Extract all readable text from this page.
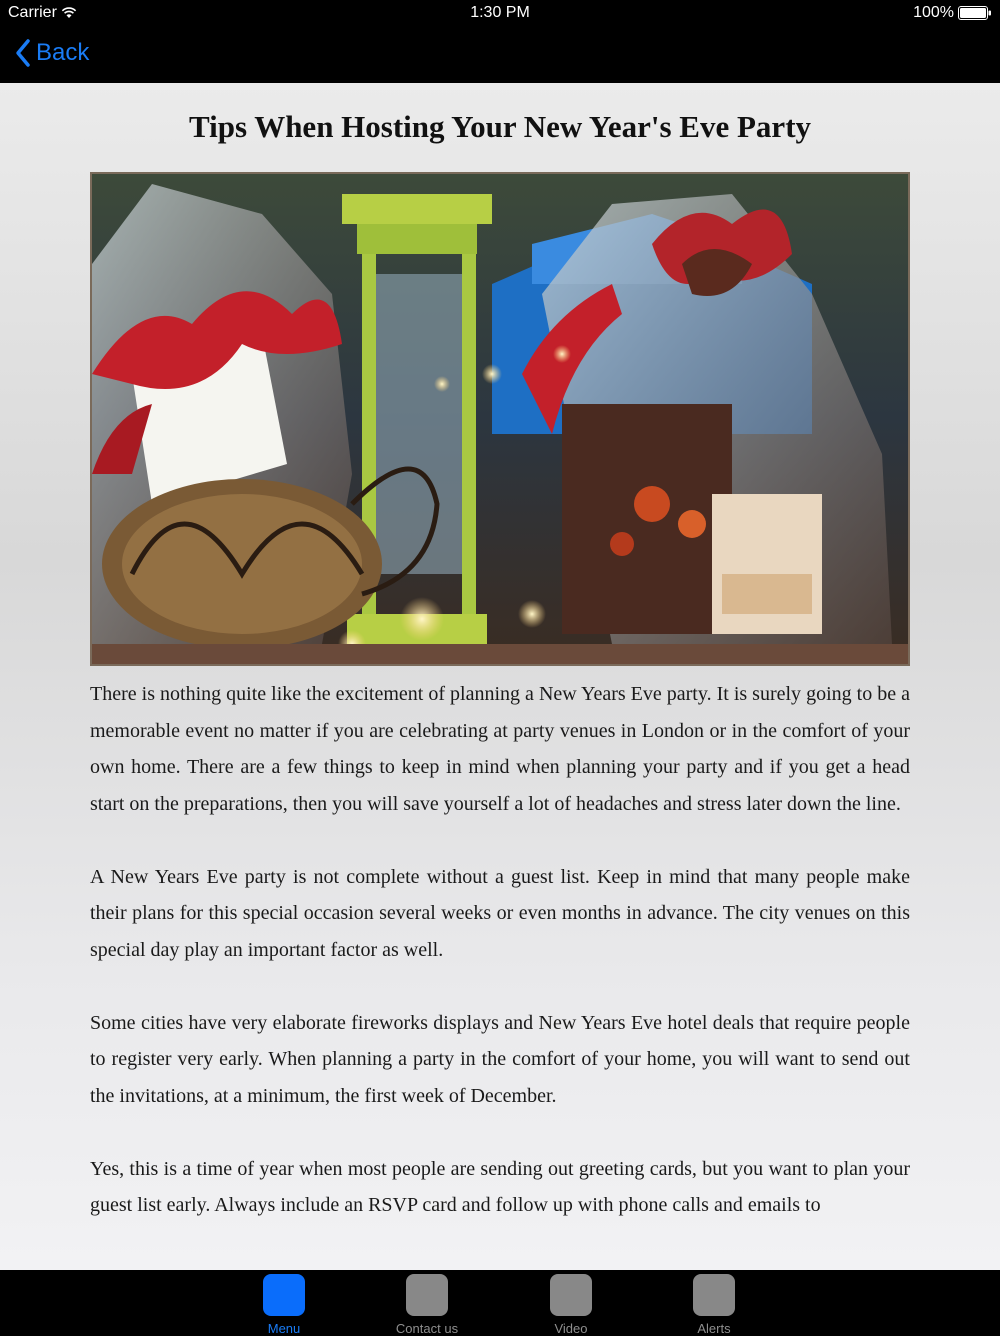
Carrier	1:30 PM	100%
Back
Tips When Hosting Your New Year's Eve Party

There is nothing quite like the excitement of planning a New Years Eve party. It is surely going to be a memorable event no matter if you are celebrating at party venues in London or in the comfort of your own home. There are a few things to keep in mind when planning your party and if you get a head start on the preparations, then you will save yourself a lot of headaches and stress later down the line.

A New Years Eve party is not complete without a guest list. Keep in mind that many people make their plans for this special occasion several weeks or even months in advance. The city venues on this special day play an important factor as well.

Some cities have very elaborate fireworks displays and New Years Eve hotel deals that require people to register very early. When planning a party in the comfort of your home, you will want to send out the invitations, at a minimum, the first week of December.

Yes, this is a time of year when most people are sending out greeting cards, but you want to plan your guest list early. Always include an RSVP card and follow up with phone calls and emails to

Menu	Contact us	Video	Alerts
